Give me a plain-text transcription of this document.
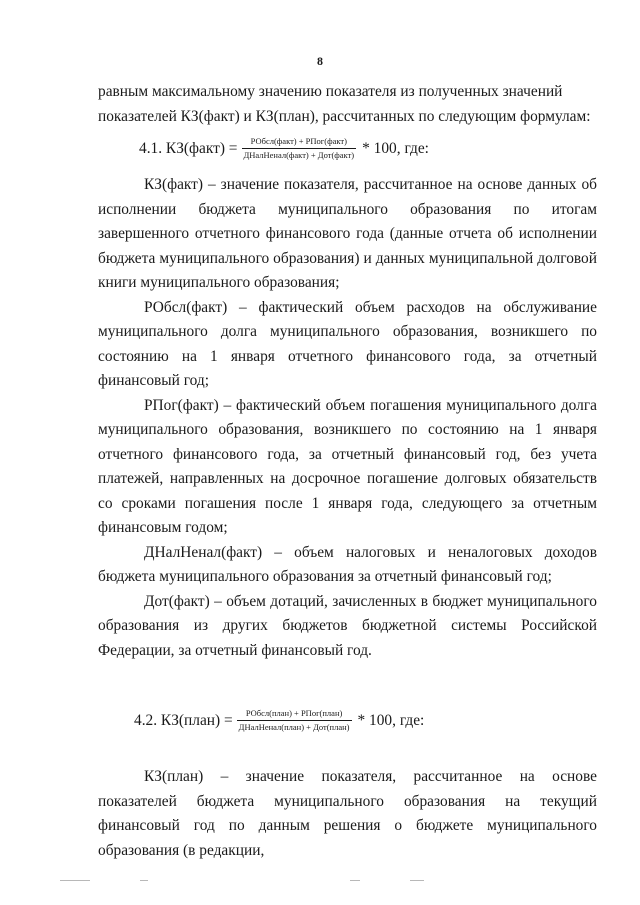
8

равным максимальному значению показателя из полученных значений

показателей КЗ(факт) и КЗ(план), рассчитанных по следующим формулам:

4.1. КЗ(факт) = $\frac{\text{РОбсл(факт) + РПог(факт)}}{\text{ДНалНенал(факт) + Дот(факт)}} * 100$, где:

КЗ(факт) – значение показателя, рассчитанное на основе данных об исполнении бюджета муниципального образования по итогам завершенного отчетного финансового года (данные отчета об исполнении бюджета муниципального образования) и данных муниципальной долговой книги муниципального образования;

РОбсл(факт) – фактический объем расходов на обслуживание муниципального долга муниципального образования, возникшего по состоянию на 1 января отчетного финансового года, за отчетный финансовый год;

РПог(факт) – фактический объем погашения муниципального долга муниципального образования, возникшего по состоянию на 1 января отчетного финансового года, за отчетный финансовый год, без учета платежей, направленных на досрочное погашение долговых обязательств со сроками погашения после 1 января года, следующего за отчетным финансовым годом;

ДНалНенал(факт) – объем налоговых и неналоговых доходов бюджета муниципального образования за отчетный финансовый год;

Дот(факт) – объем дотаций, зачисленных в бюджет муниципального образования из других бюджетов бюджетной системы Российской Федерации, за отчетный финансовый год.

4.2. КЗ(план) = $\frac{\text{РОбсл(план) + РПог(план)}}{\text{ДНалНенал(план) + Дот(план)}} * 100$, где:

КЗ(план) – значение показателя, рассчитанное на основе показателей бюджета муниципального образования на текущий финансовый год по данным решения о бюджете муниципального образования (в редакции,
